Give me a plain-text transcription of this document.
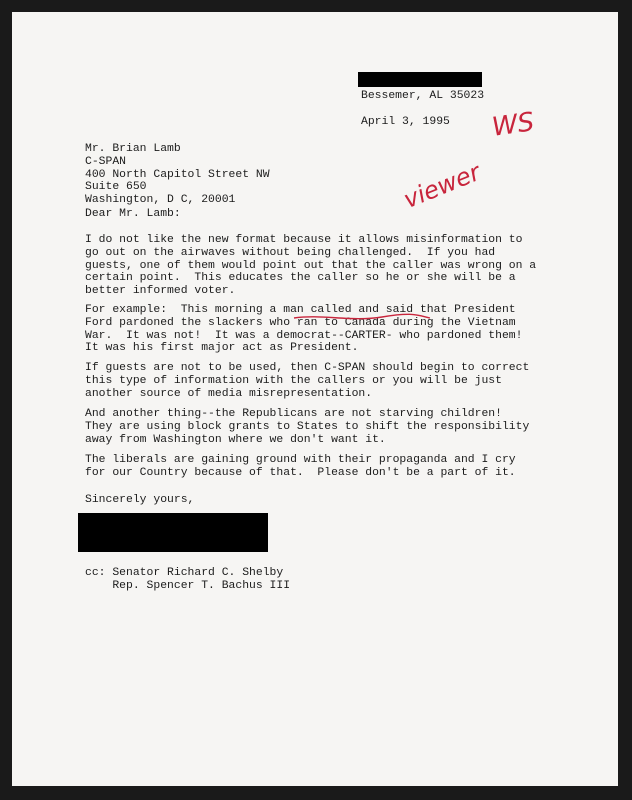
Bessemer, AL 35023
April 3, 1995 WS
viewer
Mr. Brian Lamb
C-SPAN
400 North Capitol Street NW
Suite 650
Washington, D C, 20001
Dear Mr. Lamb:
I do not like the new format because it allows misinformation to
go out on the airwaves without being challenged.  If you had
guests, one of them would point out that the caller was wrong on a
certain point.  This educates the caller so he or she will be a
better informed voter.
For example:  This morning a man called and said that President
Ford pardoned the slackers who ran to Canada during the Vietnam
War.  It was not!  It was a democrat--CARTER- who pardoned them!
It was his first major act as President.
If guests are not to be used, then C-SPAN should begin to correct
this type of information with the callers or you will be just
another source of media misrepresentation.
And another thing--the Republicans are not starving children!
They are using block grants to States to shift the responsibility
away from Washington where we don't want it.
The liberals are gaining ground with their propaganda and I cry
for our Country because of that.  Please don't be a part of it.
Sincerely yours,
cc: Senator Richard C. Shelby
Rep. Spencer T. Bachus III
